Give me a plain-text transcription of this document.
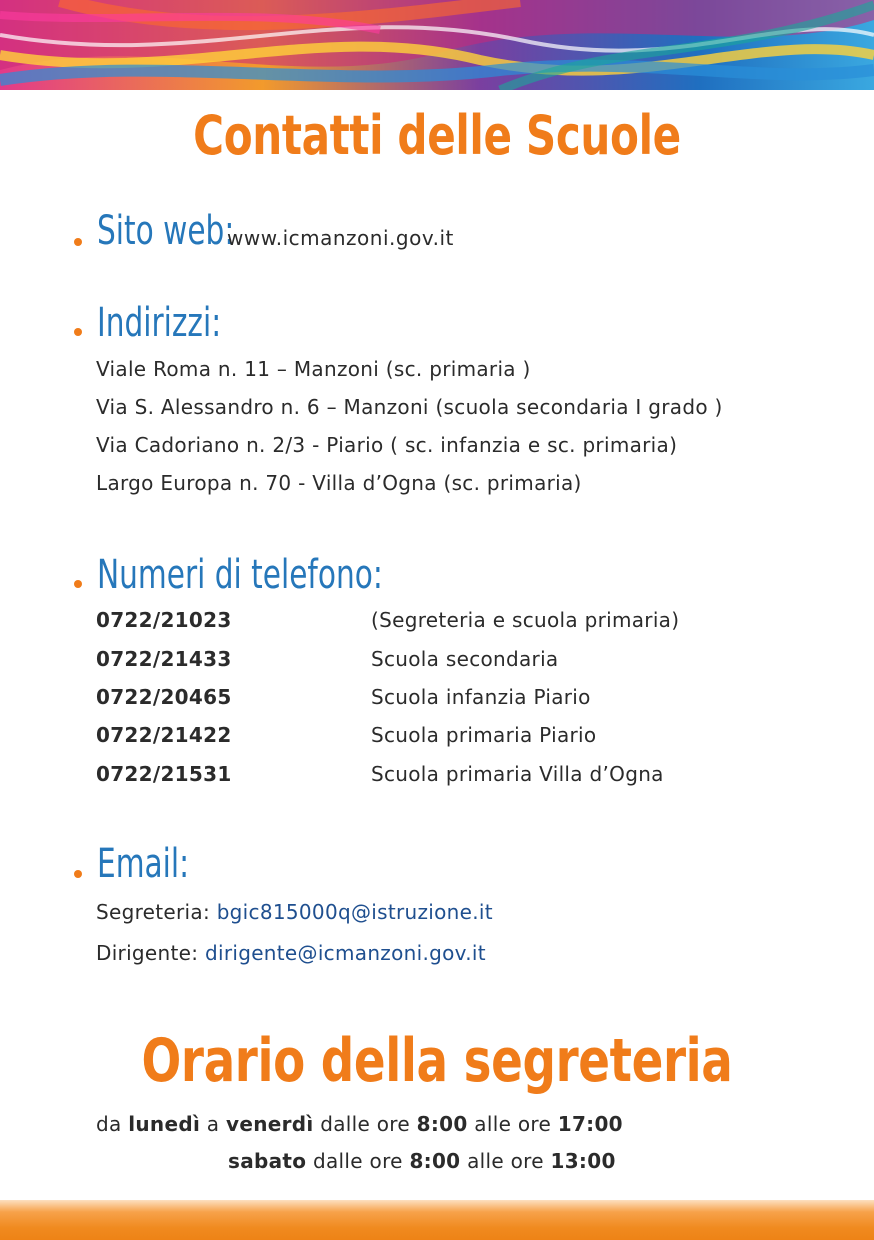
Contatti delle Scuole
Sito web:
www.icmanzoni.gov.it
Indirizzi:
Viale Roma n. 11 – Manzoni (sc. primaria )
Via S. Alessandro n. 6 – Manzoni (scuola secondaria I grado )
Via Cadoriano n. 2/3 - Piario ( sc. infanzia e sc. primaria)
Largo Europa n. 70 - Villa d’Ogna (sc. primaria)
Numeri di telefono:
0722/21023	(Segreteria e scuola primaria)
0722/21433	Scuola secondaria
0722/20465	Scuola infanzia Piario
0722/21422	Scuola primaria Piario
0722/21531	Scuola primaria Villa d’Ogna
Email:
Segreteria: bgic815000q@istruzione.it
Dirigente: dirigente@icmanzoni.gov.it
Orario della segreteria
da lunedì a venerdì dalle ore 8:00 alle ore 17:00
sabato dalle ore 8:00 alle ore 13:00
